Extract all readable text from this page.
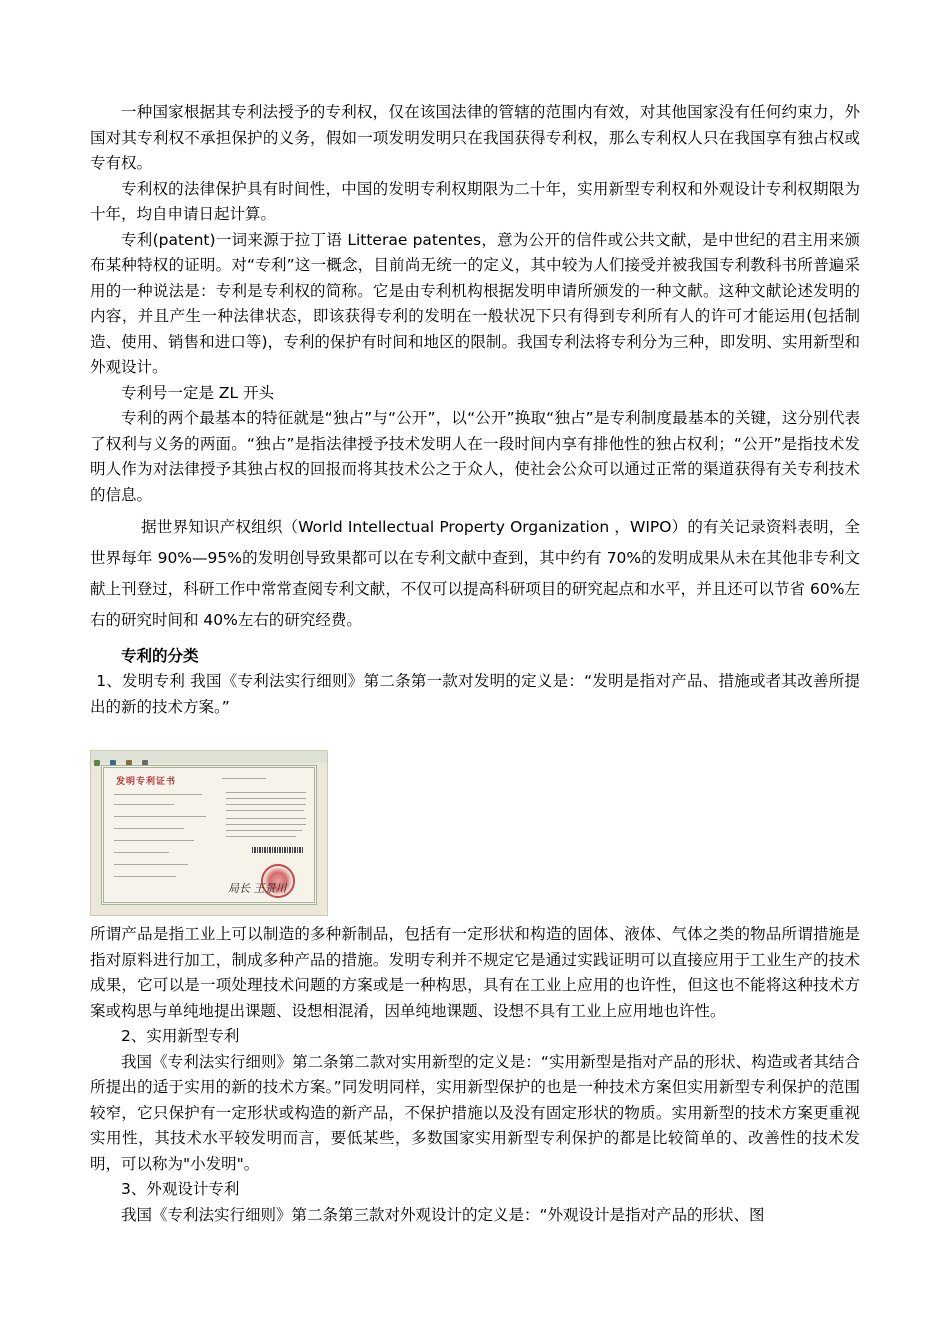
一种国家根据其专利法授予的专利权，仅在该国法律的管辖的范围内有效，对其他国家没有任何约束力，外国对其专利权不承担保护的义务，假如一项发明发明只在我国获得专利权，那么专利权人只在我国享有独占权或专有权。

专利权的法律保护具有时间性，中国的发明专利权期限为二十年，实用新型专利权和外观设计专利权期限为十年，均自申请日起计算。

专利(patent)一词来源于拉丁语 Litterae patentes，意为公开的信件或公共文献，是中世纪的君主用来颁布某种特权的证明。对“专利”这一概念，目前尚无统一的定义，其中较为人们接受并被我国专利教科书所普遍采用的一种说法是：专利是专利权的简称。它是由专利机构根据发明申请所颁发的一种文献。这种文献论述发明的内容，并且产生一种法律状态，即该获得专利的发明在一般状况下只有得到专利所有人的许可才能运用(包括制造、使用、销售和进口等)，专利的保护有时间和地区的限制。我国专利法将专利分为三种，即发明、实用新型和外观设计。

专利号一定是 ZL 开头

专利的两个最基本的特征就是“独占”与“公开”，以“公开”换取“独占”是专利制度最基本的关键，这分别代表了权利与义务的两面。“独占”是指法律授予技术发明人在一段时间内享有排他性的独占权利；“公开”是指技术发明人作为对法律授予其独占权的回报而将其技术公之于众人，使社会公众可以通过正常的渠道获得有关专利技术的信息。

据世界知识产权组织（World Intellectual Property Organization ，WIPO）的有关记录资料表明，全世界每年 90%—95%的发明创导致果都可以在专利文献中查到，其中约有 70%的发明成果从未在其他非专利文献上刊登过，科研工作中常常查阅专利文献，不仅可以提高科研项目的研究起点和水平，并且还可以节省 60%左右的研究时间和 40%左右的研究经费。

专利的分类

1、发明专利 我国《专利法实行细则》第二条第一款对发明的定义是：“发明是指对产品、措施或者其改善所提出的新的技术方案。”

发明专利证书
局长 王景川

所谓产品是指工业上可以制造的多种新制品，包括有一定形状和构造的固体、液体、气体之类的物品所谓措施是指对原料进行加工，制成多种产品的措施。发明专利并不规定它是通过实践证明可以直接应用于工业生产的技术成果，它可以是一项处理技术问题的方案或是一种构思，具有在工业上应用的也许性，但这也不能将这种技术方案或构思与单纯地提出课题、设想相混淆，因单纯地课题、设想不具有工业上应用地也许性。

2、实用新型专利

我国《专利法实行细则》第二条第二款对实用新型的定义是：“实用新型是指对产品的形状、构造或者其结合所提出的适于实用的新的技术方案。”同发明同样，实用新型保护的也是一种技术方案但实用新型专利保护的范围较窄，它只保护有一定形状或构造的新产品，不保护措施以及没有固定形状的物质。实用新型的技术方案更重视实用性，其技术水平较发明而言，要低某些，多数国家实用新型专利保护的都是比较简单的、改善性的技术发明，可以称为"小发明"。

3、外观设计专利

我国《专利法实行细则》第二条第三款对外观设计的定义是：“外观设计是指对产品的形状、图
